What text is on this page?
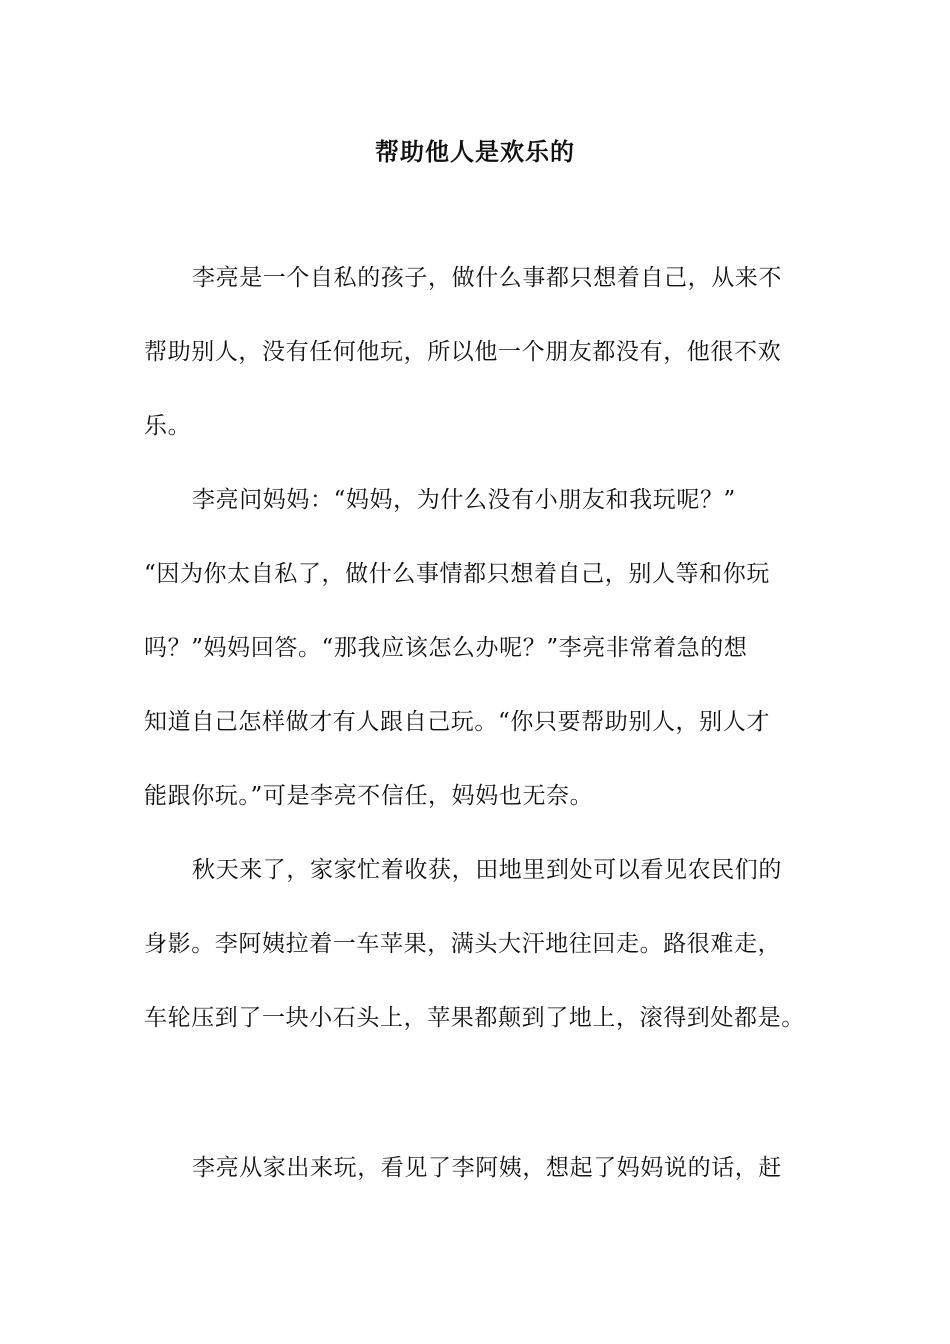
帮助他人是欢乐的
李亮是一个自私的孩子，做什么事都只想着自己，从来不
帮助别人，没有任何他玩，所以他一个朋友都没有，他很不欢
乐。
李亮问妈妈：“妈妈，为什么没有小朋友和我玩呢？”
“因为你太自私了，做什么事情都只想着自己，别人等和你玩
吗？”妈妈回答。“那我应该怎么办呢？”李亮非常着急的想
知道自己怎样做才有人跟自己玩。“你只要帮助别人，别人才
能跟你玩。”可是李亮不信任，妈妈也无奈。
秋天来了，家家忙着收获，田地里到处可以看见农民们的
身影。李阿姨拉着一车苹果，满头大汗地往回走。路很难走，
车轮压到了一块小石头上，苹果都颠到了地上，滚得到处都是。
李亮从家出来玩，看见了李阿姨，想起了妈妈说的话，赶
